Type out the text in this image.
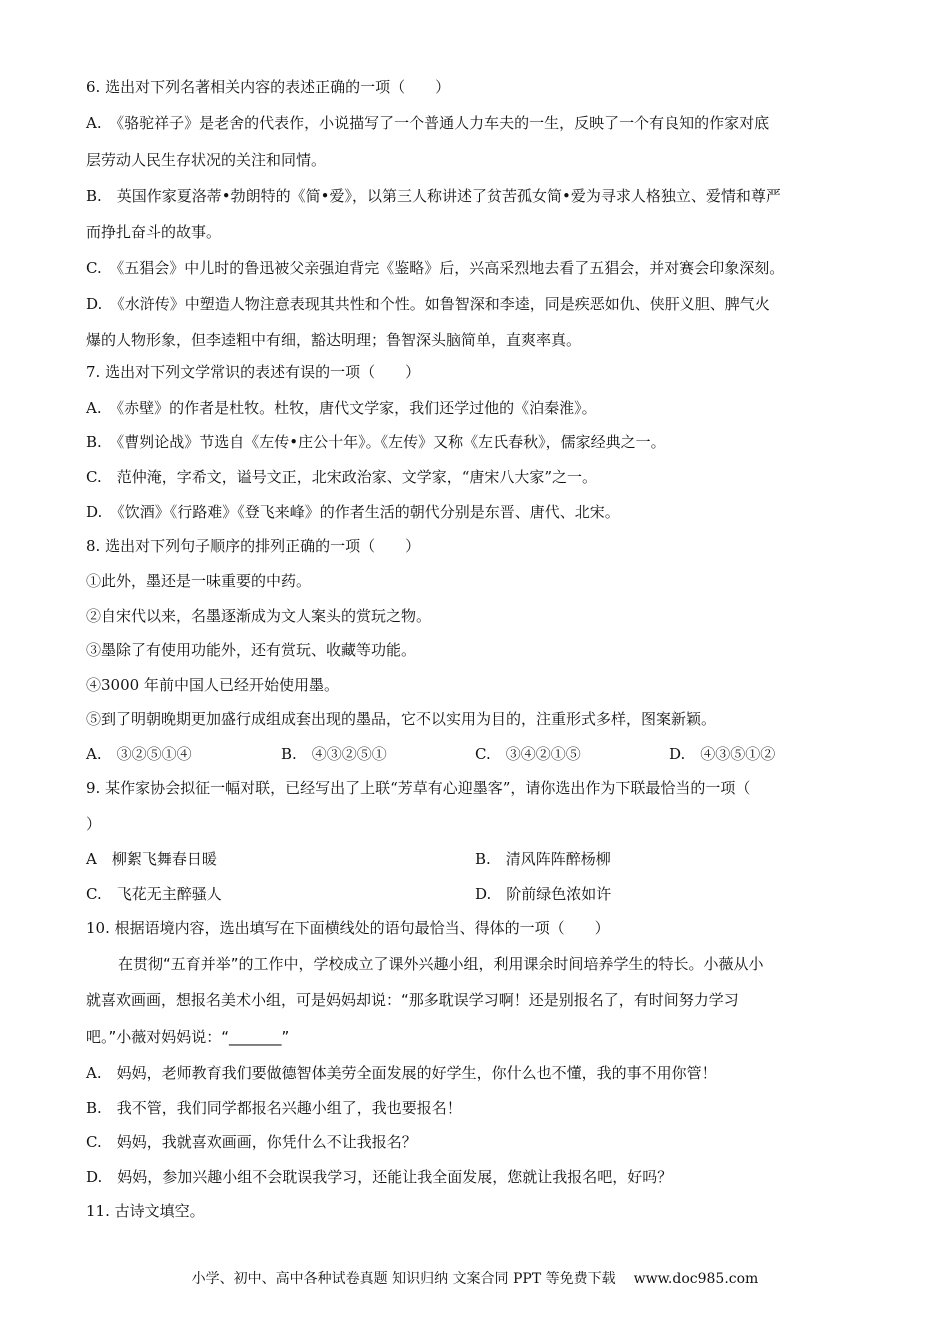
6. 选出对下列名著相关内容的表述正确的一项（　　）
A.　《骆驼祥子》是老舍的代表作，小说描写了一个普通人力车夫的一生，反映了一个有良知的作家对底
层劳动人民生存状况的关注和同情。
B.　英国作家夏洛蒂•勃朗特的《简•爱》，以第三人称讲述了贫苦孤女简•爱为寻求人格独立、爱情和尊严
而挣扎奋斗的故事。
C.　《五猖会》中儿时的鲁迅被父亲强迫背完《鉴略》后，兴高采烈地去看了五猖会，并对赛会印象深刻。
D.　《水浒传》中塑造人物注意表现其共性和个性。如鲁智深和李逵，同是疾恶如仇、侠肝义胆、脾气火
爆的人物形象，但李逵粗中有细，豁达明理；鲁智深头脑简单，直爽率真。
7. 选出对下列文学常识的表述有误的一项（　　）
A.　《赤壁》的作者是杜牧。杜牧，唐代文学家，我们还学过他的《泊秦淮》。
B.　《曹刿论战》节选自《左传•庄公十年》。《左传》又称《左氏春秋》，儒家经典之一。
C.　范仲淹，字希文，谥号文正，北宋政治家、文学家，“唐宋八大家”之一。
D.　《饮酒》《行路难》《登飞来峰》的作者生活的朝代分别是东晋、唐代、北宋。
8. 选出对下列句子顺序的排列正确的一项（　　）
①此外，墨还是一味重要的中药。
②自宋代以来，名墨逐渐成为文人案头的赏玩之物。
③墨除了有使用功能外，还有赏玩、收藏等功能。
④3000 年前中国人已经开始使用墨。
⑤到了明朝晚期更加盛行成组成套出现的墨品，它不以实用为目的，注重形式多样，图案新颖。
A.　③②⑤①④	B.　④③②⑤①	C.　③④②①⑤	D.　④③⑤①②
9. 某作家协会拟征一幅对联，已经写出了上联“芳草有心迎墨客”，请你选出作为下联最恰当的一项（
）
A　柳絮飞舞春日暖	B.　清风阵阵醉杨柳
C.　飞花无主醉骚人	D.　阶前绿色浓如许
10. 根据语境内容，选出填写在下面横线处的语句最恰当、得体的一项（　　）
在贯彻“五育并举”的工作中，学校成立了课外兴趣小组，利用课余时间培养学生的特长。小薇从小
就喜欢画画，想报名美术小组，可是妈妈却说：“那多耽误学习啊！还是别报名了，有时间努力学习
吧。”小薇对妈妈说：“_______”
A.　妈妈，老师教育我们要做德智体美劳全面发展的好学生，你什么也不懂，我的事不用你管！
B.　我不管，我们同学都报名兴趣小组了，我也要报名！
C.　妈妈，我就喜欢画画，你凭什么不让我报名？
D.　妈妈，参加兴趣小组不会耽误我学习，还能让我全面发展，您就让我报名吧，好吗？
11. 古诗文填空。
小学、初中、高中各种试卷真题 知识归纳 文案合同 PPT 等免费下载 www.doc985.com
